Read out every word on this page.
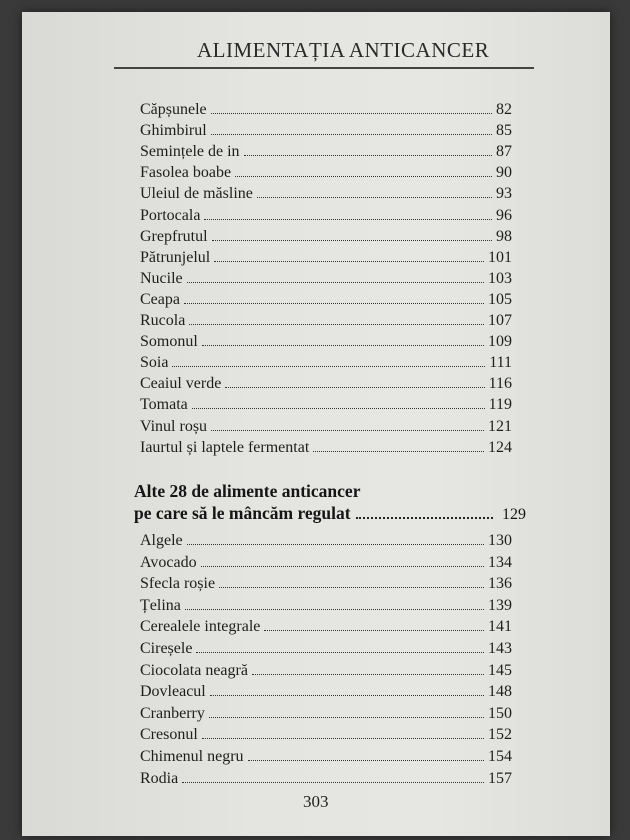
ALIMENTAȚIA ANTICANCER
Căpșunele	82
Ghimbirul	85
Semințele de in	87
Fasolea boabe	90
Uleiul de măsline	93
Portocala	96
Grepfrutul	98
Pătrunjelul	101
Nucile	103
Ceapa	105
Rucola	107
Somonul	109
Soia	111
Ceaiul verde	116
Tomata	119
Vinul roșu	121
Iaurtul și laptele fermentat	124
Alte 28 de alimente anticancer
pe care să le mâncăm regulat	129
Algele	130
Avocado	134
Sfecla roșie	136
Țelina	139
Cerealele integrale	141
Cireșele	143
Ciocolata neagră	145
Dovleacul	148
Cranberry	150
Cresonul	152
Chimenul negru	154
Rodia	157
303
